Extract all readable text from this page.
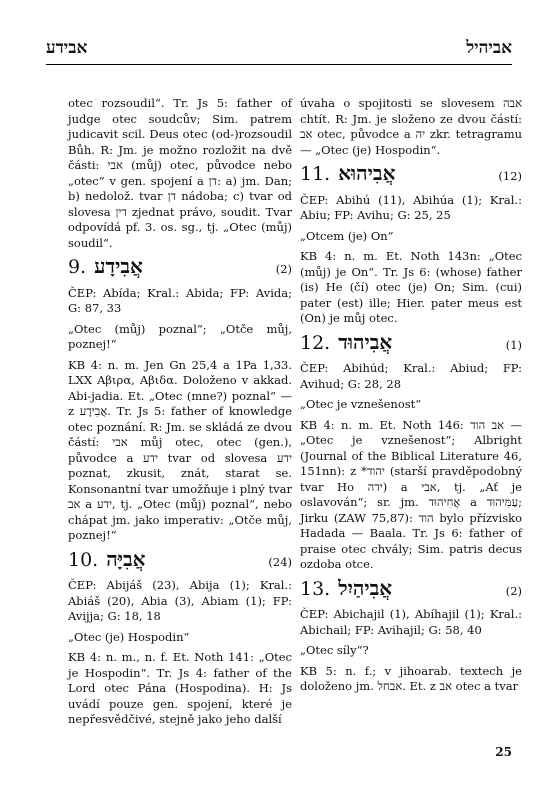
אבידע	אביהיל

otec rozsoudil“. Tr. Js 5: father of judge otec soudcův; Sim. patrem judicavit scil. Deus otec (od-)rozsoudil Bůh. R: Jm. je možno rozložit na dvě části: אבי (můj) otec, původce nebo „otec“ v gen. spojení a דן: a) jm. Dan; b) nedolož. tvar דן nádoba; c) tvar od slovesa דין zjednat právo, soudit. Tvar odpovídá pf. 3. os. sg., tj. „Otec (můj) soudil“.

9. אֲבִידָע	(2)

ČEP: Abída; Kral.: Abida; FP: Avida; G: 87, 33

„Otec (můj) poznal“; „Otče můj, poznej!“

KB 4: n. m. Jen Gn 25,4 a 1Pa 1,33. LXX Αβιρα, Αβιδα. Doloženo v akkad. Abi-jadia. Et. „Otec (mne?) poznal“ — z אֲבִידָע. Tr. Js 5: father of knowledge otec poznání. R: Jm. se skládá ze dvou částí: אבי můj otec, otec (gen.), původce a ידע tvar od slovesa ידע poznat, zkusit, znát, starat se. Konsonantní tvar umožňuje i plný tvar אב a ידע, tj. „Otec (můj) poznal“, nebo chápat jm. jako imperativ: „Otče můj, poznej!“

10. אֲבִיָּה	(24)

ČEP: Abijáš (23), Abija (1); Kral.: Abiáš (20), Abia (3), Abiam (1); FP: Avijja; G: 18, 18

„Otec (je) Hospodin“

KB 4: n. m., n. f. Et. Noth 141: „Otec je Hospodin“. Tr. Js 4: father of the Lord otec Pána (Hospodina). H: Js uvádí pouze gen. spojení, které je nepřesvědčivé, stejně jako jeho další

úvaha o spojitosti se slovesem אבה chtít. R: Jm. je složeno ze dvou částí: אב otec, původce a יה zkr. tetragramu — „Otec (je) Hospodin“.

11. אֲבִיהוּא	(12)

ČEP: Abihú (11), Abihúa (1); Kral.: Abiu; FP: Avihu; G: 25, 25

„Otcem (je) On“

KB 4: n. m. Et. Noth 143n: „Otec (můj) je On“. Tr. Js 6: (whose) father (is) He (čí) otec (je) On; Sim. (cui) pater (est) ille; Hier. pater meus est (On) je můj otec.

12. אֲבִיהוּד	(1)

ČEP: Abihúd; Kral.: Abiud; FP: Avihud; G: 28, 28

„Otec je vznešenost“

KB 4: n. m. Et. Noth 146: אב הוד — „Otec je vznešenost“; Albright (Journal of the Biblical Literature 46, 151nn): z *יהוד (starší pravděpodobný tvar Ho ידה) a אבי, tj. „Ať je oslavován“; sr. jm. אֲחִיהוּד a עַמִּיהוּד; Jirku (ZAW 75,87): הוד bylo přízvisko Hadada — Baala. Tr. Js 6: father of praise otec chvály; Sim. patris decus ozdoba otce.

13. אֲבִיהַיִל	(2)

ČEP: Abichajil (1), Abíhajil (1); Kral.: Abichail; FP: Avihajil; G: 58, 40

„Otec síly“?

KB 5: n. f.; v jihoarab. textech je doloženo jm. אבחל. Et. z אב otec a tvar

25
